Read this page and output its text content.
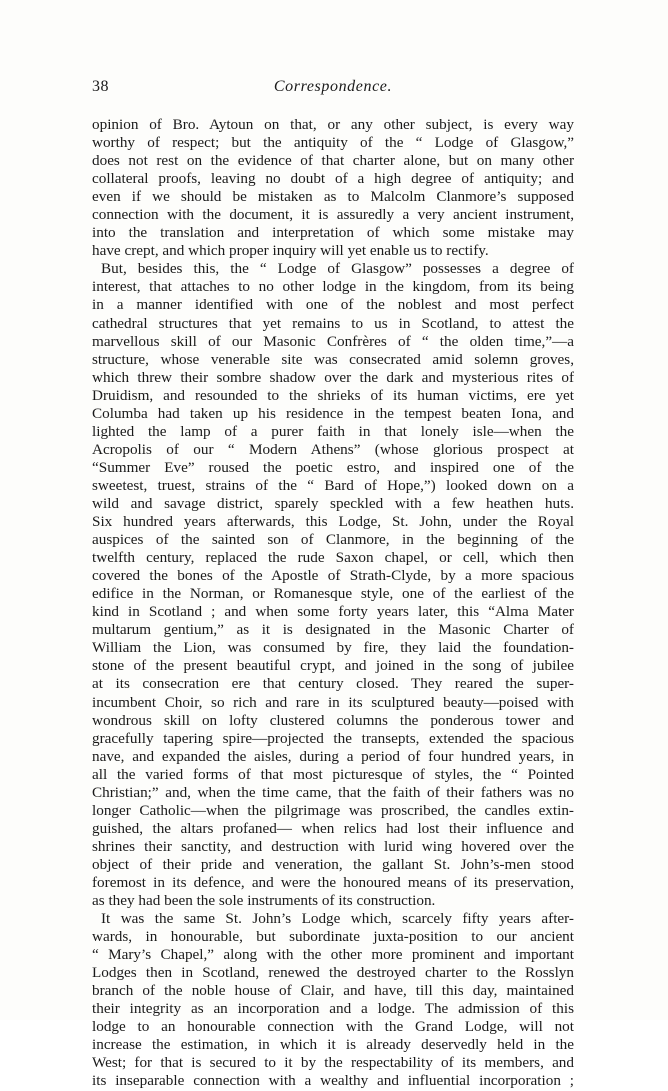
38	Correspondence.
opinion of Bro. Aytoun on that, or any other subject, is every way
worthy of respect; but the antiquity of the “ Lodge of Glasgow,”
does not rest on the evidence of that charter alone, but on many other
collateral proofs, leaving no doubt of a high degree of antiquity; and
even if we should be mistaken as to Malcolm Clanmore’s supposed
connection with the document, it is assuredly a very ancient instrument,
into the translation and interpretation of which some mistake may
have crept, and which proper inquiry will yet enable us to rectify.
But, besides this, the “ Lodge of Glasgow” possesses a degree of
interest, that attaches to no other lodge in the kingdom, from its being
in a manner identified with one of the noblest and most perfect
cathedral structures that yet remains to us in Scotland, to attest the
marvellous skill of our Masonic Confrères of “ the olden time,”—a
structure, whose venerable site was consecrated amid solemn groves,
which threw their sombre shadow over the dark and mysterious rites of
Druidism, and resounded to the shrieks of its human victims, ere yet
Columba had taken up his residence in the tempest beaten Iona, and
lighted the lamp of a purer faith in that lonely isle—when the
Acropolis of our “ Modern Athens” (whose glorious prospect at
“Summer Eve” roused the poetic estro, and inspired one of the
sweetest, truest, strains of the “ Bard of Hope,”) looked down on a
wild and savage district, sparely speckled with a few heathen huts.
Six hundred years afterwards, this Lodge, St. John, under the Royal
auspices of the sainted son of Clanmore, in the beginning of the
twelfth century, replaced the rude Saxon chapel, or cell, which then
covered the bones of the Apostle of Strath-Clyde, by a more spacious
edifice in the Norman, or Romanesque style, one of the earliest of the
kind in Scotland ; and when some forty years later, this “Alma Mater
multarum gentium,” as it is designated in the Masonic Charter of
William the Lion, was consumed by fire, they laid the foundation-
stone of the present beautiful crypt, and joined in the song of jubilee
at its consecration ere that century closed. They reared the super-
incumbent Choir, so rich and rare in its sculptured beauty—poised with
wondrous skill on lofty clustered columns the ponderous tower and
gracefully tapering spire—projected the transepts, extended the spacious
nave, and expanded the aisles, during a period of four hundred years, in
all the varied forms of that most picturesque of styles, the “ Pointed
Christian;” and, when the time came, that the faith of their fathers was no
longer Catholic—when the pilgrimage was proscribed, the candles extin-
guished, the altars profaned— when relics had lost their influence and
shrines their sanctity, and destruction with lurid wing hovered over the
object of their pride and veneration, the gallant St. John’s-men stood
foremost in its defence, and were the honoured means of its preservation,
as they had been the sole instruments of its construction.
It was the same St. John’s Lodge which, scarcely fifty years after-
wards, in honourable, but subordinate juxta-position to our ancient
“ Mary’s Chapel,” along with the other more prominent and important
Lodges then in Scotland, renewed the destroyed charter to the Rosslyn
branch of the noble house of Clair, and have, till this day, maintained
their integrity as an incorporation and a lodge. The admission of this
lodge to an honourable connection with the Grand Lodge, will not
increase the estimation, in which it is already deservedly held in the
West; for that is secured to it by the respectability of its members, and
its inseparable connection with a wealthy and influential incorporation ;
